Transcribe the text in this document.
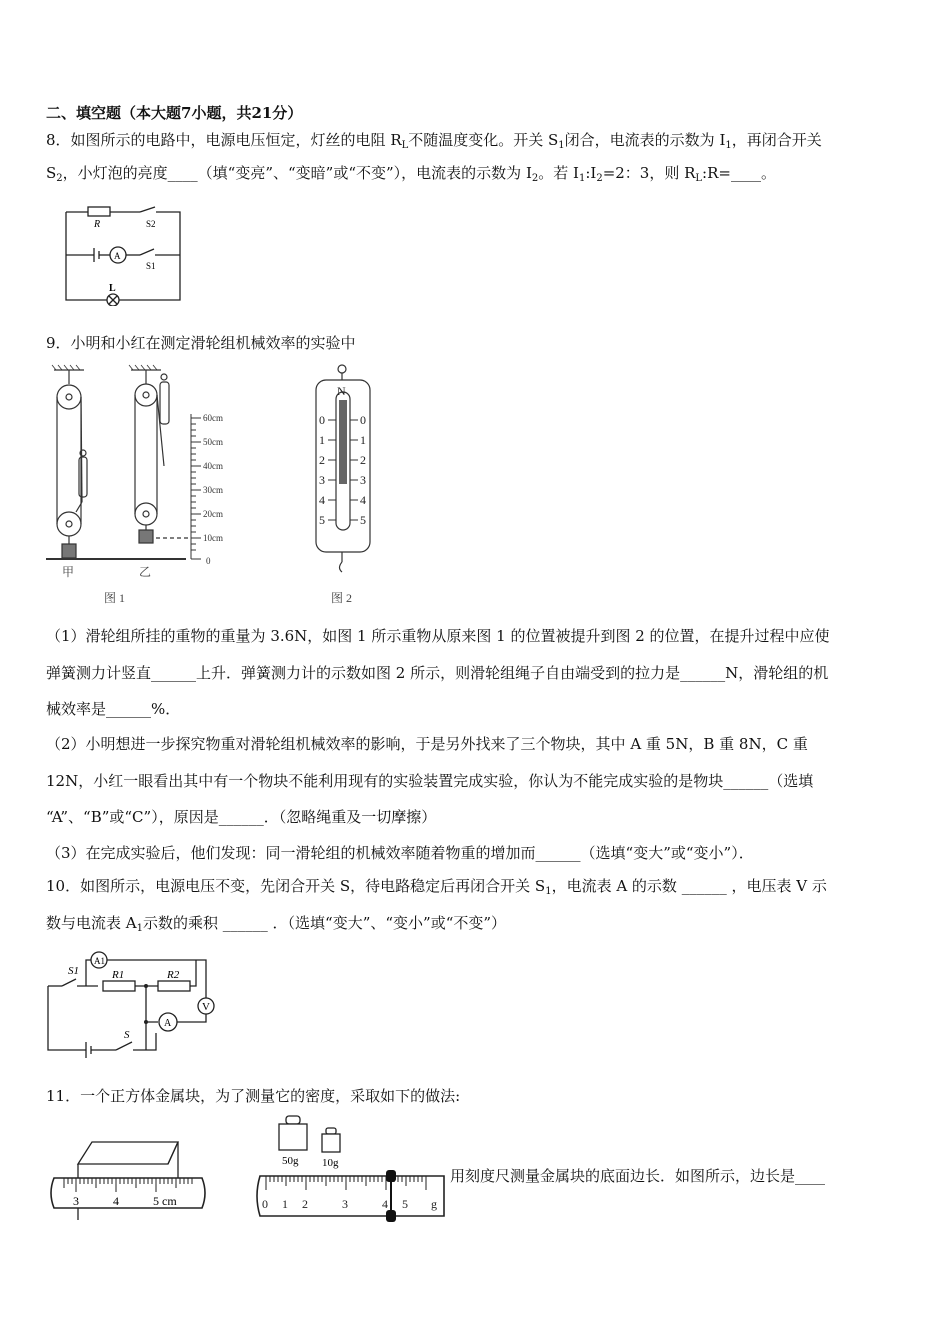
二、填空题（本大题7小题，共21分）
8．如图所示的电路中，电源电压恒定，灯丝的电阻 $R_L$不随温度变化。开关 $S_1$闭合，电流表的示数为 $I_1$，再闭合开关
$S_2$，小灯泡的亮度____（填“变亮”、“变暗”或“不变”），电流表的示数为 $I_2$。若 $I_1:I_2=2$：3，则 $R_L:R=\_\_\_\_$。
R	S2
A
S1
L
9．小明和小红在测定滑轮组机械效率的实验中
60cm
50cm
40cm
30cm
20cm
10cm
0
甲	乙
图 1
N
0	0
1	1
2	2
3	3
4	4
5	5
图 2
（1）滑轮组所挂的重物的重量为 3.6N，如图 1 所示重物从原来图 1 的位置被提升到图 2 的位置，在提升过程中应使
弹簧测力计竖直______上升．弹簧测力计的示数如图 2 所示，则滑轮组绳子自由端受到的拉力是______N，滑轮组的机
械效率是______%．
（2）小明想进一步探究物重对滑轮组机械效率的影响，于是另外找来了三个物块，其中 A 重 5N，B 重 8N，C 重
12N，小红一眼看出其中有一个物块不能利用现有的实验装置完成实验，你认为不能完成实验的是物块______（选填
“A”、“B”或“C”），原因是______．（忽略绳重及一切摩擦）
（3）在完成实验后，他们发现：同一滑轮组的机械效率随着物重的增加而______（选填“变大”或“变小”）．
10．如图所示，电源电压不变，先闭合开关 S，待电路稳定后再闭合开关 $S_1$，电流表 A 的示数 ______ ，电压表 V 示
数与电流表 $A_1$示数的乘积 ______ ．（选填“变大”、“变小”或“不变”）
S1
A1
R1	R2
V
A
S
11．一个正方体金属块，为了测量它的密度，采取如下的做法:
3	4	5 cm
50g 10g
0 1 2	3	4 5 g
用刻度尺测量金属块的底面边长．如图所示，边长是____
